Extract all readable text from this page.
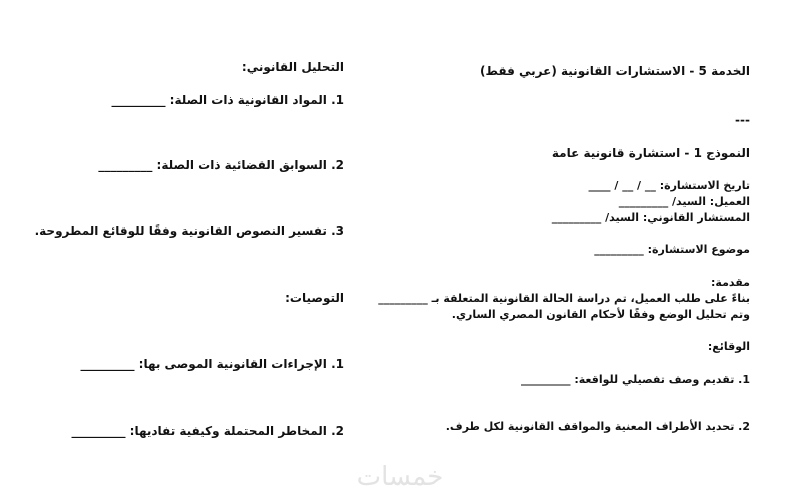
الخدمة 5 - الاستشارات القانونية (عربي فقط)
---
النموذج 1 - استشارة قانونية عامة
تاريخ الاستشارة: __ / __ / ____
العميل: السيد/ _________
المستشار القانوني: السيد/ _________
موضوع الاستشارة: _________
مقدمة:
بناءً على طلب العميل، تم دراسة الحالة القانونية المتعلقة بـ _________
وتم تحليل الوضع وفقًا لأحكام القانون المصري الساري.
الوقائع:
1. تقديم وصف تفصيلي للواقعة: _________
2. تحديد الأطراف المعنية والمواقف القانونية لكل طرف.
التحليل القانوني:
1. المواد القانونية ذات الصلة: _________
2. السوابق القضائية ذات الصلة: _________
3. تفسير النصوص القانونية وفقًا للوقائع المطروحة.
التوصيات:
1. الإجراءات القانونية الموصى بها: _________
2. المخاطر المحتملة وكيفية تفاديها: _________
خمسات
